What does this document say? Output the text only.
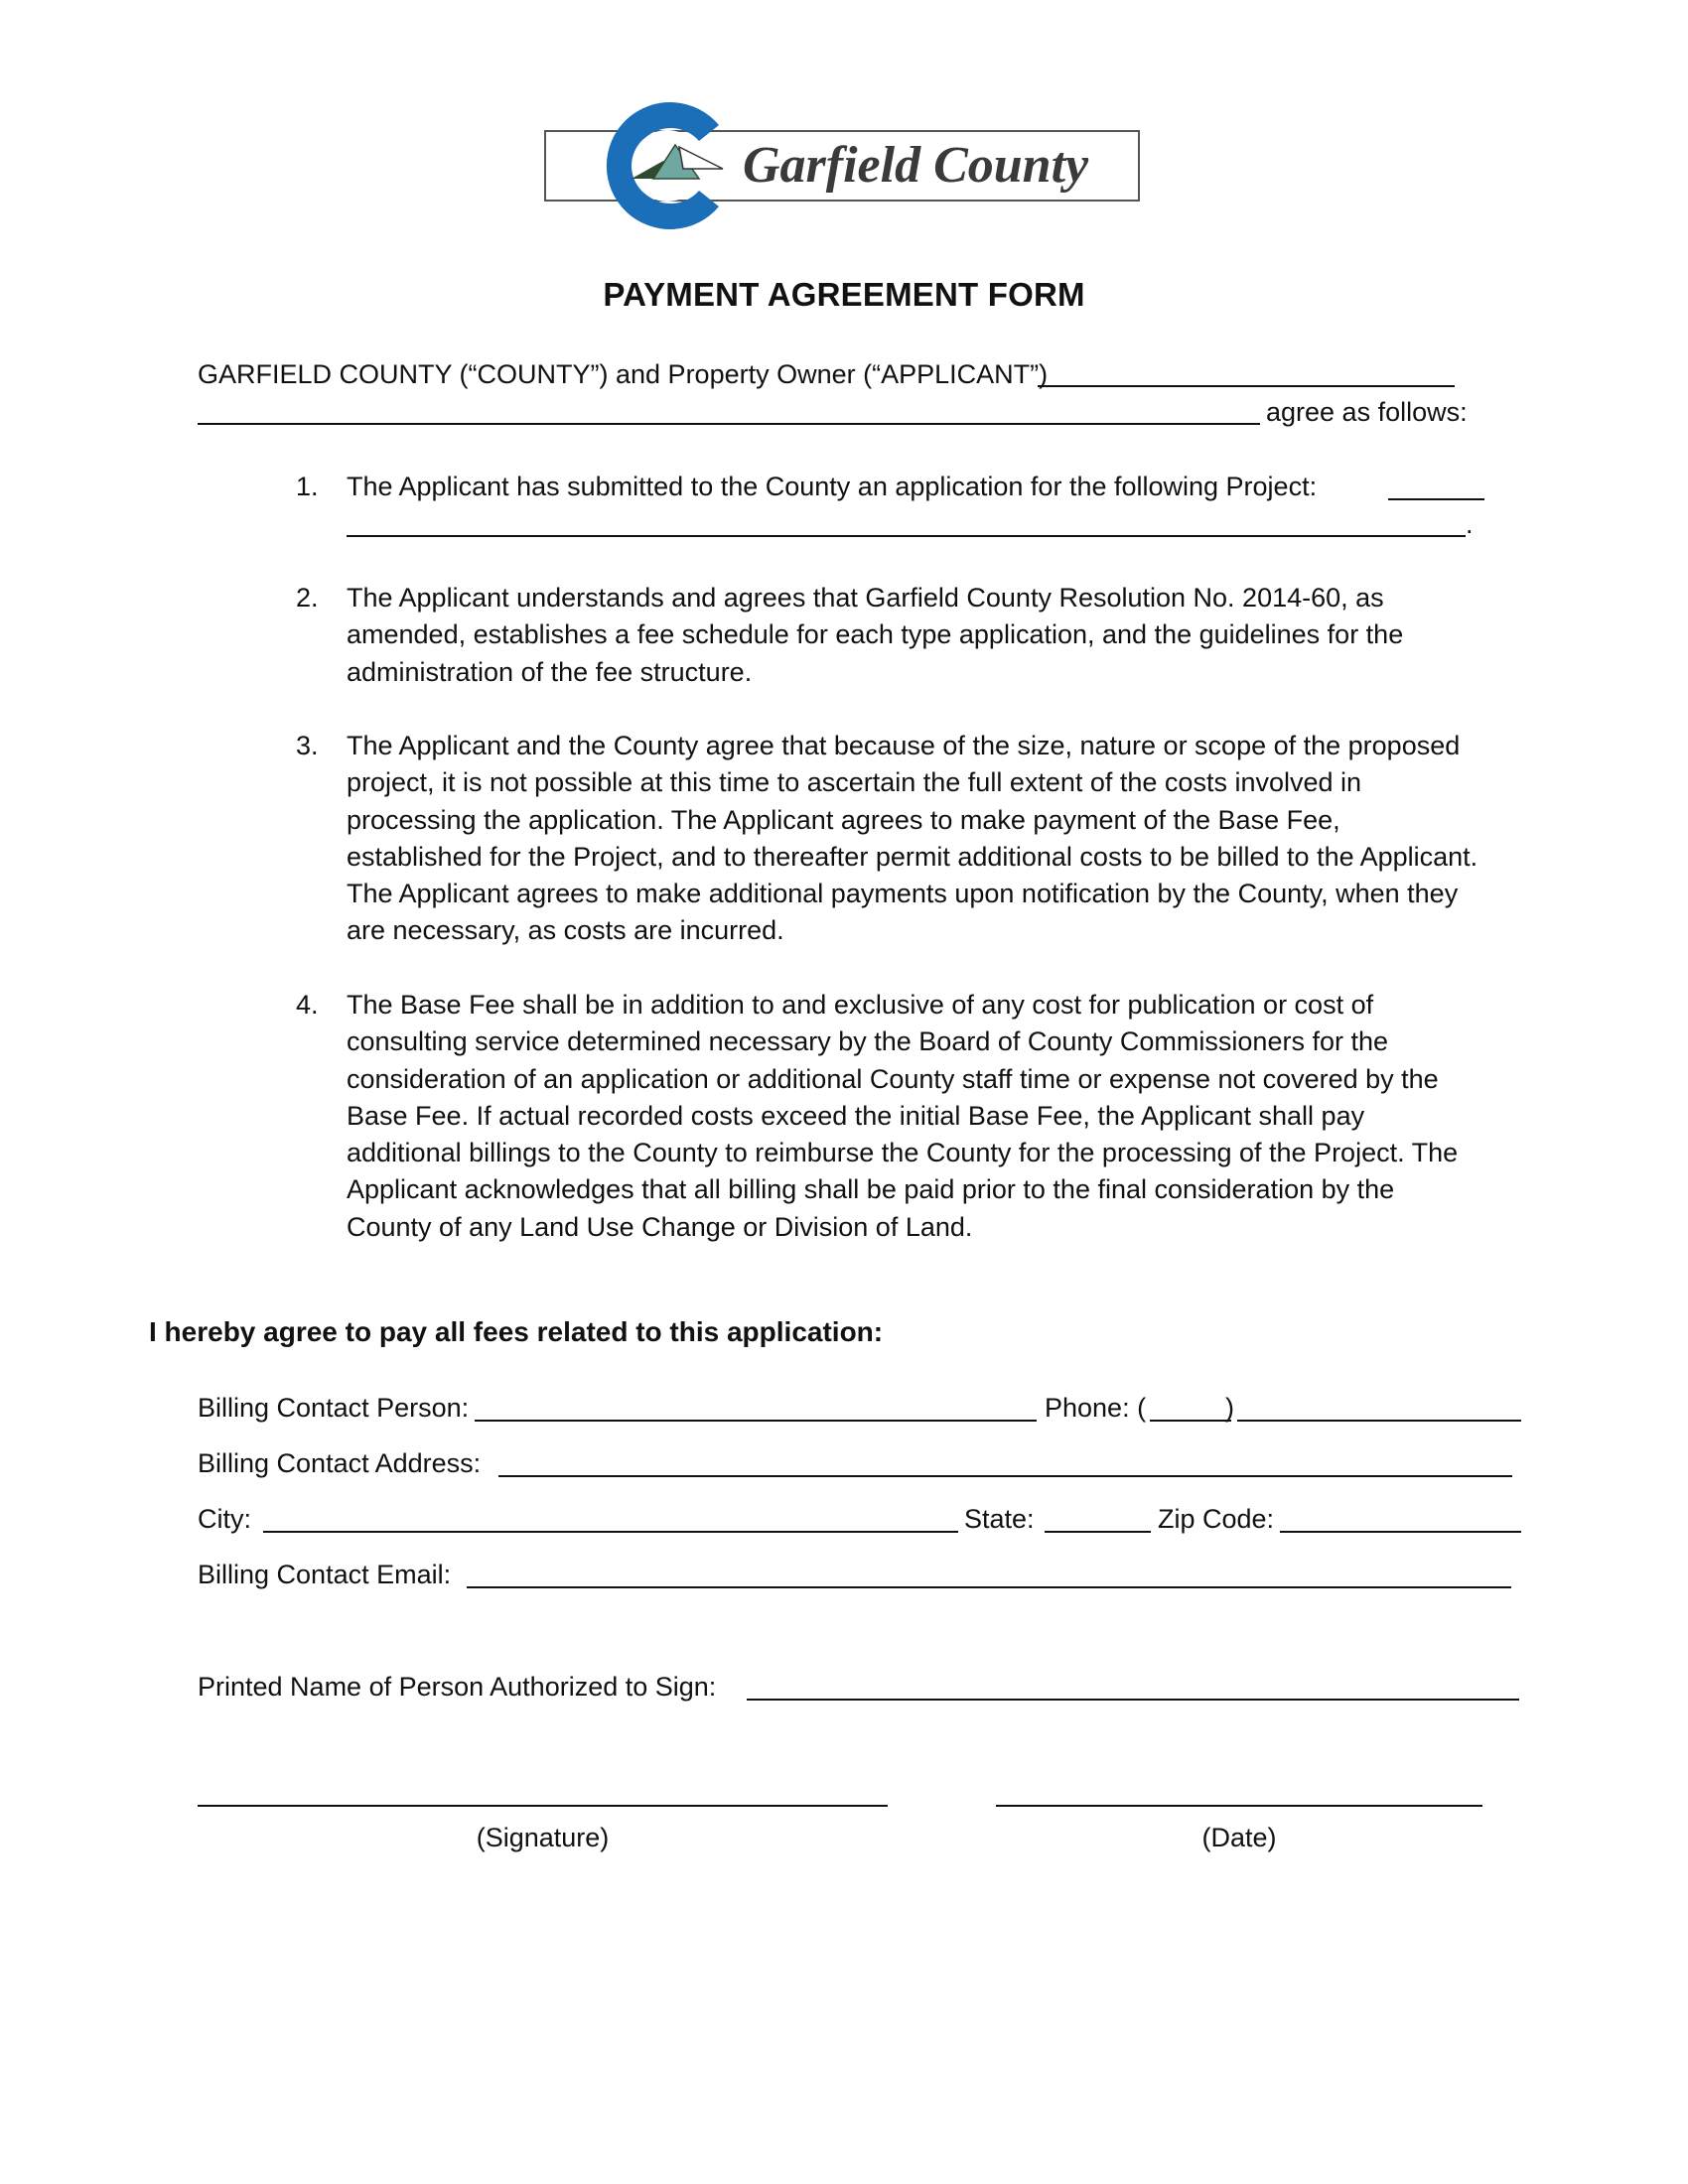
Garfield County
PAYMENT AGREEMENT FORM
GARFIELD COUNTY (“COUNTY”) and Property Owner (“APPLICANT”)
agree as follows:
1. The Applicant has submitted to the County an application for the following Project:
.
2. The Applicant understands and agrees that Garfield County Resolution No. 2014-60, as amended, establishes a fee schedule for each type application, and the guidelines for the administration of the fee structure.
3. The Applicant and the County agree that because of the size, nature or scope of the proposed project, it is not possible at this time to ascertain the full extent of the costs involved in processing the application. The Applicant agrees to make payment of the Base Fee, established for the Project, and to thereafter permit additional costs to be billed to the Applicant. The Applicant agrees to make additional payments upon notification by the County, when they are necessary, as costs are incurred.
4. The Base Fee shall be in addition to and exclusive of any cost for publication or cost of consulting service determined necessary by the Board of County Commissioners for the consideration of an application or additional County staff time or expense not covered by the Base Fee. If actual recorded costs exceed the initial Base Fee, the Applicant shall pay additional billings to the County to reimburse the County for the processing of the Project. The Applicant acknowledges that all billing shall be paid prior to the final consideration by the County of any Land Use Change or Division of Land.
I hereby agree to pay all fees related to this application:
Billing Contact Person:	Phone: (	)
Billing Contact Address:
City:	State:	Zip Code:
Billing Contact Email:
Printed Name of Person Authorized to Sign:
(Signature)	(Date)
